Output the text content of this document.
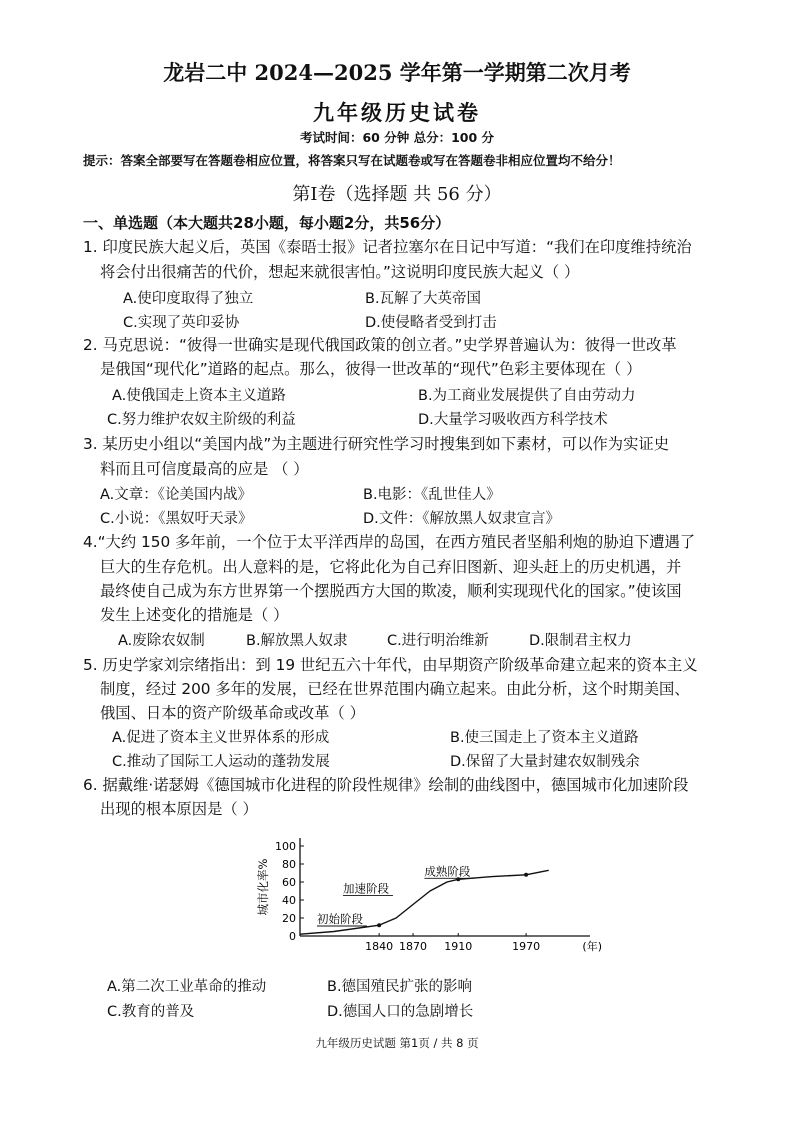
龙岩二中 2024—2025 学年第一学期第二次月考
九年级历史试卷
考试时间：60 分钟 总分：100 分
提示：答案全部要写在答题卷相应位置，将答案只写在试题卷或写在答题卷非相应位置均不给分！
第Ⅰ卷（选择题 共 56 分）
一、单选题（本大题共28小题，每小题2分，共56分）
1. 印度民族大起义后，英国《泰晤士报》记者拉塞尔在日记中写道：“我们在印度维持统治
将会付出很痛苦的代价，想起来就很害怕。”这说明印度民族大起义（ ）
A.使印度取得了独立	B.瓦解了大英帝国
C.实现了英印妥协	D.使侵略者受到打击
2. 马克思说：“彼得一世确实是现代俄国政策的创立者。”史学界普遍认为：彼得一世改革
是俄国“现代化”道路的起点。那么，彼得一世改革的“现代”色彩主要体现在（ ）
A.使俄国走上资本主义道路	B.为工商业发展提供了自由劳动力
C.努力维护农奴主阶级的利益	D.大量学习吸收西方科学技术
3. 某历史小组以“美国内战”为主题进行研究性学习时搜集到如下素材，可以作为实证史
料而且可信度最高的应是 （ ）
A.文章：《论美国内战》	B.电影：《乱世佳人》
C.小说：《黑奴吁天录》	D.文件：《解放黑人奴隶宣言》
4.“大约 150 多年前，一个位于太平洋西岸的岛国，在西方殖民者坚船利炮的胁迫下遭遇了
巨大的生存危机。出人意料的是，它将此化为自己弃旧图新、迎头赶上的历史机遇，并
最终使自己成为东方世界第一个摆脱西方大国的欺凌，顺利实现现代化的国家。”使该国
发生上述变化的措施是（ ）
A.废除农奴制	B.解放黑人奴隶	C.进行明治维新	D.限制君主权力
5. 历史学家刘宗绪指出：到 19 世纪五六十年代，由早期资产阶级革命建立起来的资本主义
制度，经过 200 多年的发展，已经在世界范围内确立起来。由此分析，这个时期美国、
俄国、日本的资产阶级革命或改革（ ）
A.促进了资本主义世界体系的形成	B.使三国走上了资本主义道路
C.推动了国际工人运动的蓬勃发展	D.保留了大量封建农奴制残余
6. 据戴维·诺瑟姆《德国城市化进程的阶段性规律》绘制的曲线图中，德国城市化加速阶段
出现的根本原因是（ ）
0
20
40
60
80
100
城市化率%
1840 1870 1910	1970	(年)
初始阶段
加速阶段
成熟阶段
A.第二次工业革命的推动	B.德国殖民扩张的影响
C.教育的普及	D.德国人口的急剧增长
九年级历史试题 第1页 / 共 8 页
